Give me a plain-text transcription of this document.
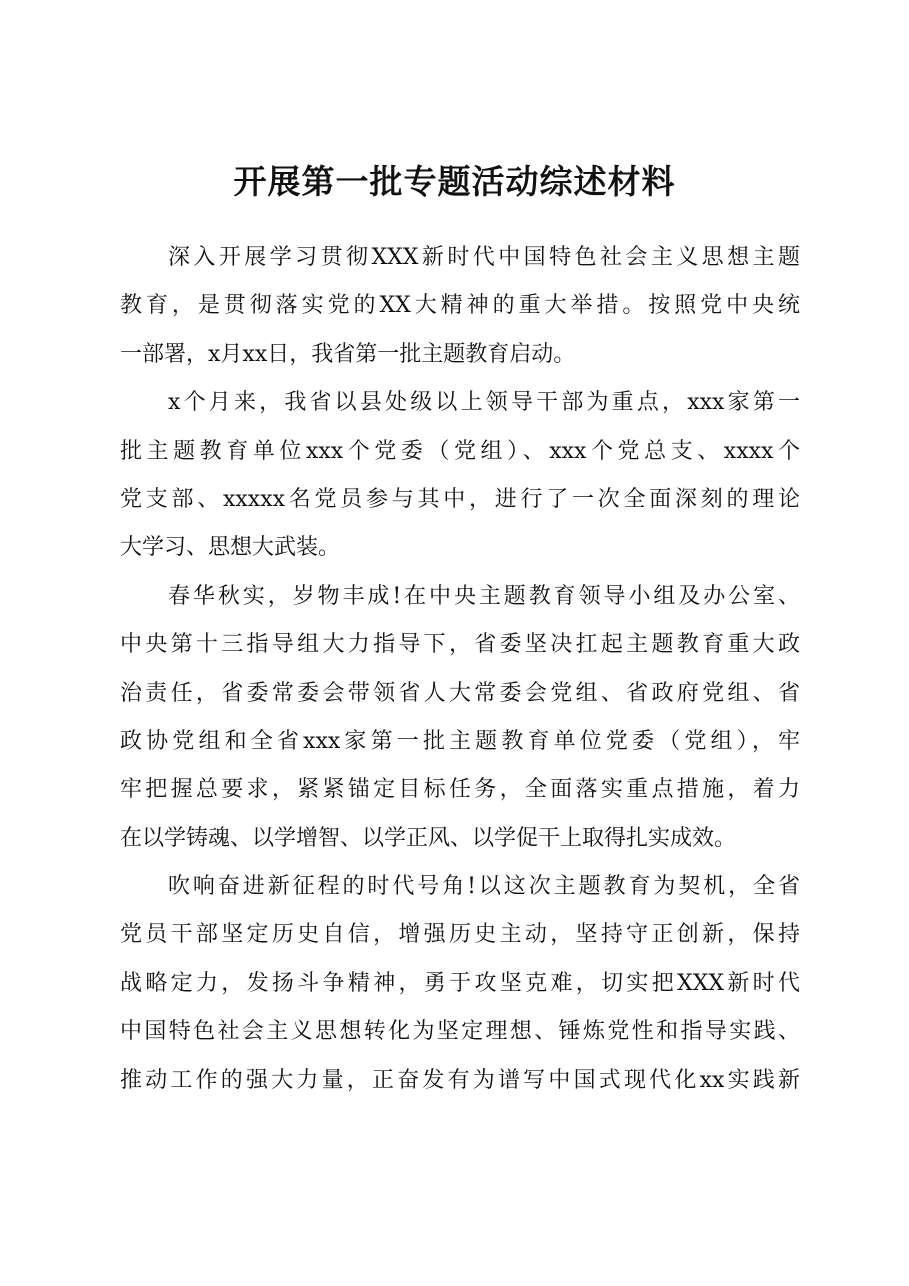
开展第一批专题活动综述材料
深入开展学习贯彻XXX新时代中国特色社会主义思想主题
教育，是贯彻落实党的XX大精神的重大举措。按照党中央统
一部署，x月xx日，我省第一批主题教育启动。
x个月来，我省以县处级以上领导干部为重点，xxx家第一
批主题教育单位xxx个党委（党组）、xxx个党总支、xxxx个
党支部、xxxxx名党员参与其中，进行了一次全面深刻的理论
大学习、思想大武装。
春华秋实，岁物丰成!在中央主题教育领导小组及办公室、
中央第十三指导组大力指导下，省委坚决扛起主题教育重大政
治责任，省委常委会带领省人大常委会党组、省政府党组、省
政协党组和全省xxx家第一批主题教育单位党委（党组），牢
牢把握总要求，紧紧锚定目标任务，全面落实重点措施，着力
在以学铸魂、以学增智、以学正风、以学促干上取得扎实成效。
吹响奋进新征程的时代号角!以这次主题教育为契机，全省
党员干部坚定历史自信，增强历史主动，坚持守正创新，保持
战略定力，发扬斗争精神，勇于攻坚克难，切实把XXX新时代
中国特色社会主义思想转化为坚定理想、锤炼党性和指导实践、
推动工作的强大力量，正奋发有为谱写中国式现代化xx实践新
